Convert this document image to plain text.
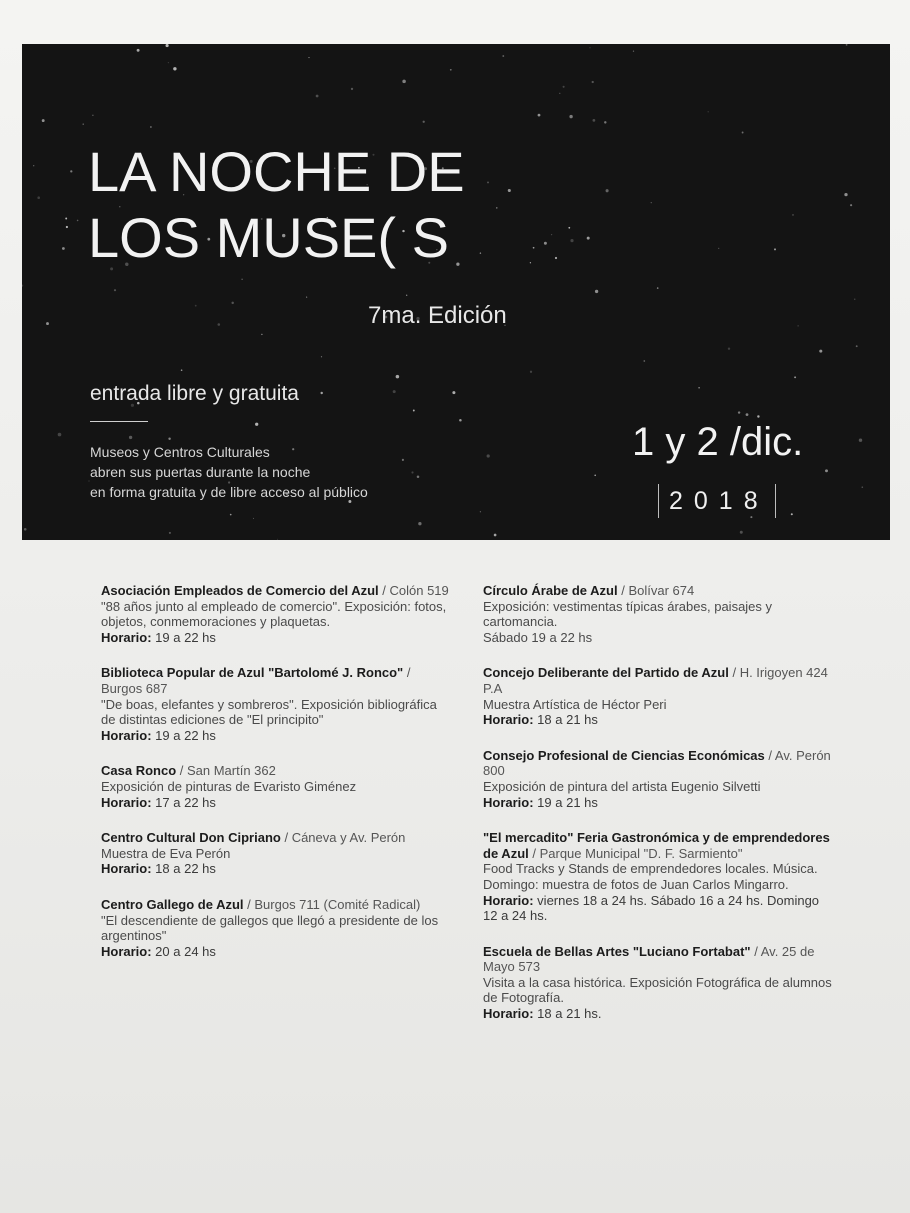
LA NOCHE DE
LOS MUSE( S
7ma. Edición
entrada libre y gratuita
Museos y Centros Culturales
abren sus puertas durante la noche
en forma gratuita y de libre acceso al público
1 y 2 /dic.
2018
Asociación Empleados de Comercio del Azul / Colón 519
"88 años junto al empleado de comercio". Exposición: fotos, objetos, conmemoraciones y plaquetas.
Horario: 19 a 22 hs
Biblioteca Popular de Azul "Bartolomé J. Ronco" / Burgos 687
"De boas, elefantes y sombreros". Exposición bibliográfica de distintas ediciones de "El principito"
Horario: 19 a 22 hs
Casa Ronco / San Martín 362
Exposición de pinturas de Evaristo Giménez
Horario: 17 a 22 hs
Centro Cultural Don Cipriano / Cáneva y Av. Perón
Muestra de Eva Perón
Horario: 18 a 22 hs
Centro Gallego de Azul / Burgos 711 (Comité Radical)
"El descendiente de gallegos que llegó a presidente de los argentinos"
Horario: 20 a 24 hs
Círculo Árabe de Azul / Bolívar 674
Exposición: vestimentas típicas árabes, paisajes y cartomancia.
Sábado 19 a 22 hs
Concejo Deliberante del Partido de Azul / H. Irigoyen 424 P.A
Muestra Artística de Héctor Peri
Horario: 18 a 21 hs
Consejo Profesional de Ciencias Económicas / Av. Perón 800
Exposición de pintura del artista Eugenio Silvetti
Horario: 19 a 21 hs
"El mercadito" Feria Gastronómica y de emprendedores de Azul / Parque Municipal "D. F. Sarmiento"
Food Tracks y Stands de emprendedores locales. Música. Domingo: muestra de fotos de Juan Carlos Mingarro.
Horario: viernes 18 a 24 hs. Sábado 16 a 24 hs. Domingo 12 a 24 hs.
Escuela de Bellas Artes "Luciano Fortabat" / Av. 25 de Mayo 573
Visita a la casa histórica. Exposición Fotográfica de alumnos de Fotografía.
Horario: 18 a 21 hs.
